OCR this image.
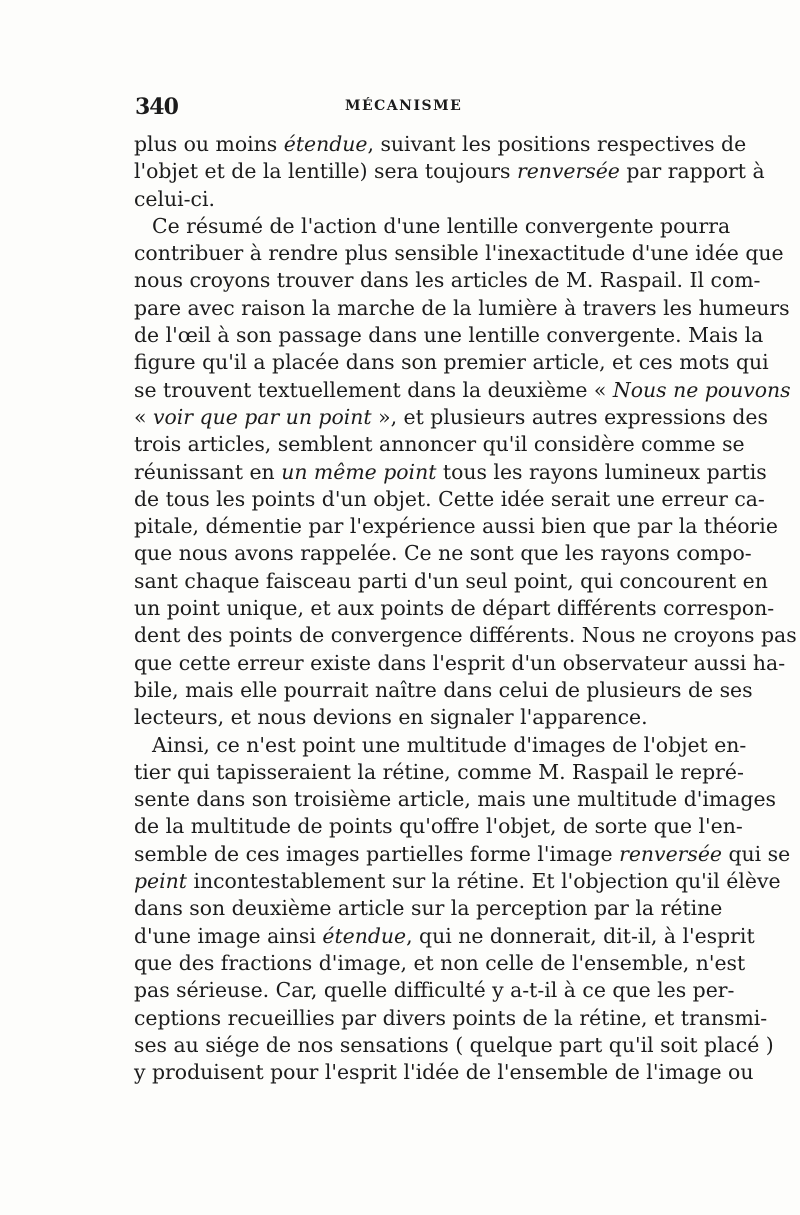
340	MÉCANISME
plus ou moins étendue, suivant les positions respectives de
l'objet et de la lentille) sera toujours renversée par rapport à
celui-ci.
Ce résumé de l'action d'une lentille convergente pourra
contribuer à rendre plus sensible l'inexactitude d'une idée que
nous croyons trouver dans les articles de M. Raspail. Il com-
pare avec raison la marche de la lumière à travers les humeurs
de l'œil à son passage dans une lentille convergente. Mais la
figure qu'il a placée dans son premier article, et ces mots qui
se trouvent textuellement dans la deuxième « Nous ne pouvons
« voir que par un point », et plusieurs autres expressions des
trois articles, semblent annoncer qu'il considère comme se
réunissant en un même point tous les rayons lumineux partis
de tous les points d'un objet. Cette idée serait une erreur ca-
pitale, démentie par l'expérience aussi bien que par la théorie
que nous avons rappelée. Ce ne sont que les rayons compo-
sant chaque faisceau parti d'un seul point, qui concourent en
un point unique, et aux points de départ différents correspon-
dent des points de convergence différents. Nous ne croyons pas
que cette erreur existe dans l'esprit d'un observateur aussi ha-
bile, mais elle pourrait naître dans celui de plusieurs de ses
lecteurs, et nous devions en signaler l'apparence.
Ainsi, ce n'est point une multitude d'images de l'objet en-
tier qui tapisseraient la rétine, comme M. Raspail le repré-
sente dans son troisième article, mais une multitude d'images
de la multitude de points qu'offre l'objet, de sorte que l'en-
semble de ces images partielles forme l'image renversée qui se
peint incontestablement sur la rétine. Et l'objection qu'il élève
dans son deuxième article sur la perception par la rétine
d'une image ainsi étendue, qui ne donnerait, dit-il, à l'esprit
que des fractions d'image, et non celle de l'ensemble, n'est
pas sérieuse. Car, quelle difficulté y a-t-il à ce que les per-
ceptions recueillies par divers points de la rétine, et transmi-
ses au siége de nos sensations ( quelque part qu'il soit placé )
y produisent pour l'esprit l'idée de l'ensemble de l'image ou
